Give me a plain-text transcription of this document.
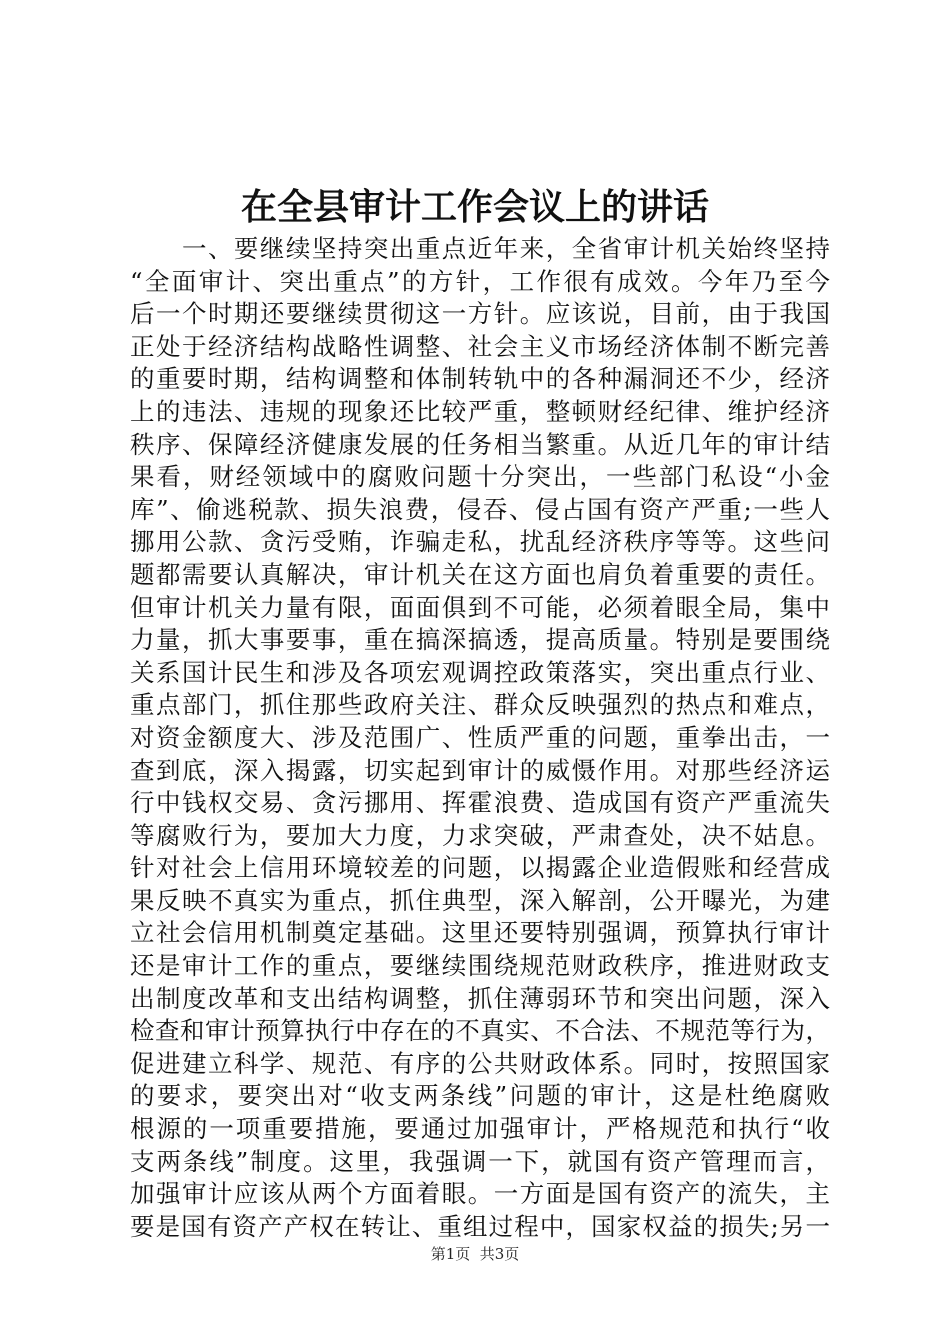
在全县审计工作会议上的讲话
　　一、要继续坚持突出重点近年来，全省审计机关始终坚持
“全面审计、突出重点”的方针，工作很有成效。今年乃至今
后一个时期还要继续贯彻这一方针。应该说，目前，由于我国
正处于经济结构战略性调整、社会主义市场经济体制不断完善
的重要时期，结构调整和体制转轨中的各种漏洞还不少，经济
上的违法、违规的现象还比较严重，整顿财经纪律、维护经济
秩序、保障经济健康发展的任务相当繁重。从近几年的审计结
果看，财经领域中的腐败问题十分突出，一些部门私设“小金
库”、偷逃税款、损失浪费，侵吞、侵占国有资产严重;一些人
挪用公款、贪污受贿，诈骗走私，扰乱经济秩序等等。这些问
题都需要认真解决，审计机关在这方面也肩负着重要的责任。
但审计机关力量有限，面面俱到不可能，必须着眼全局，集中
力量，抓大事要事，重在搞深搞透，提高质量。特别是要围绕
关系国计民生和涉及各项宏观调控政策落实，突出重点行业、
重点部门，抓住那些政府关注、群众反映强烈的热点和难点，
对资金额度大、涉及范围广、性质严重的问题，重拳出击，一
查到底，深入揭露，切实起到审计的威慑作用。对那些经济运
行中钱权交易、贪污挪用、挥霍浪费、造成国有资产严重流失
等腐败行为，要加大力度，力求突破，严肃查处，决不姑息。
针对社会上信用环境较差的问题，以揭露企业造假账和经营成
果反映不真实为重点，抓住典型，深入解剖，公开曝光，为建
立社会信用机制奠定基础。这里还要特别强调，预算执行审计
还是审计工作的重点，要继续围绕规范财政秩序，推进财政支
出制度改革和支出结构调整，抓住薄弱环节和突出问题，深入
检查和审计预算执行中存在的不真实、不合法、不规范等行为，
促进建立科学、规范、有序的公共财政体系。同时，按照国家
的要求，要突出对“收支两条线”问题的审计，这是杜绝腐败
根源的一项重要措施，要通过加强审计，严格规范和执行“收
支两条线”制度。这里，我强调一下，就国有资产管理而言，
加强审计应该从两个方面着眼。一方面是国有资产的流失，主
要是国有资产产权在转让、重组过程中，国家权益的损失;另一
第1页  共3页
